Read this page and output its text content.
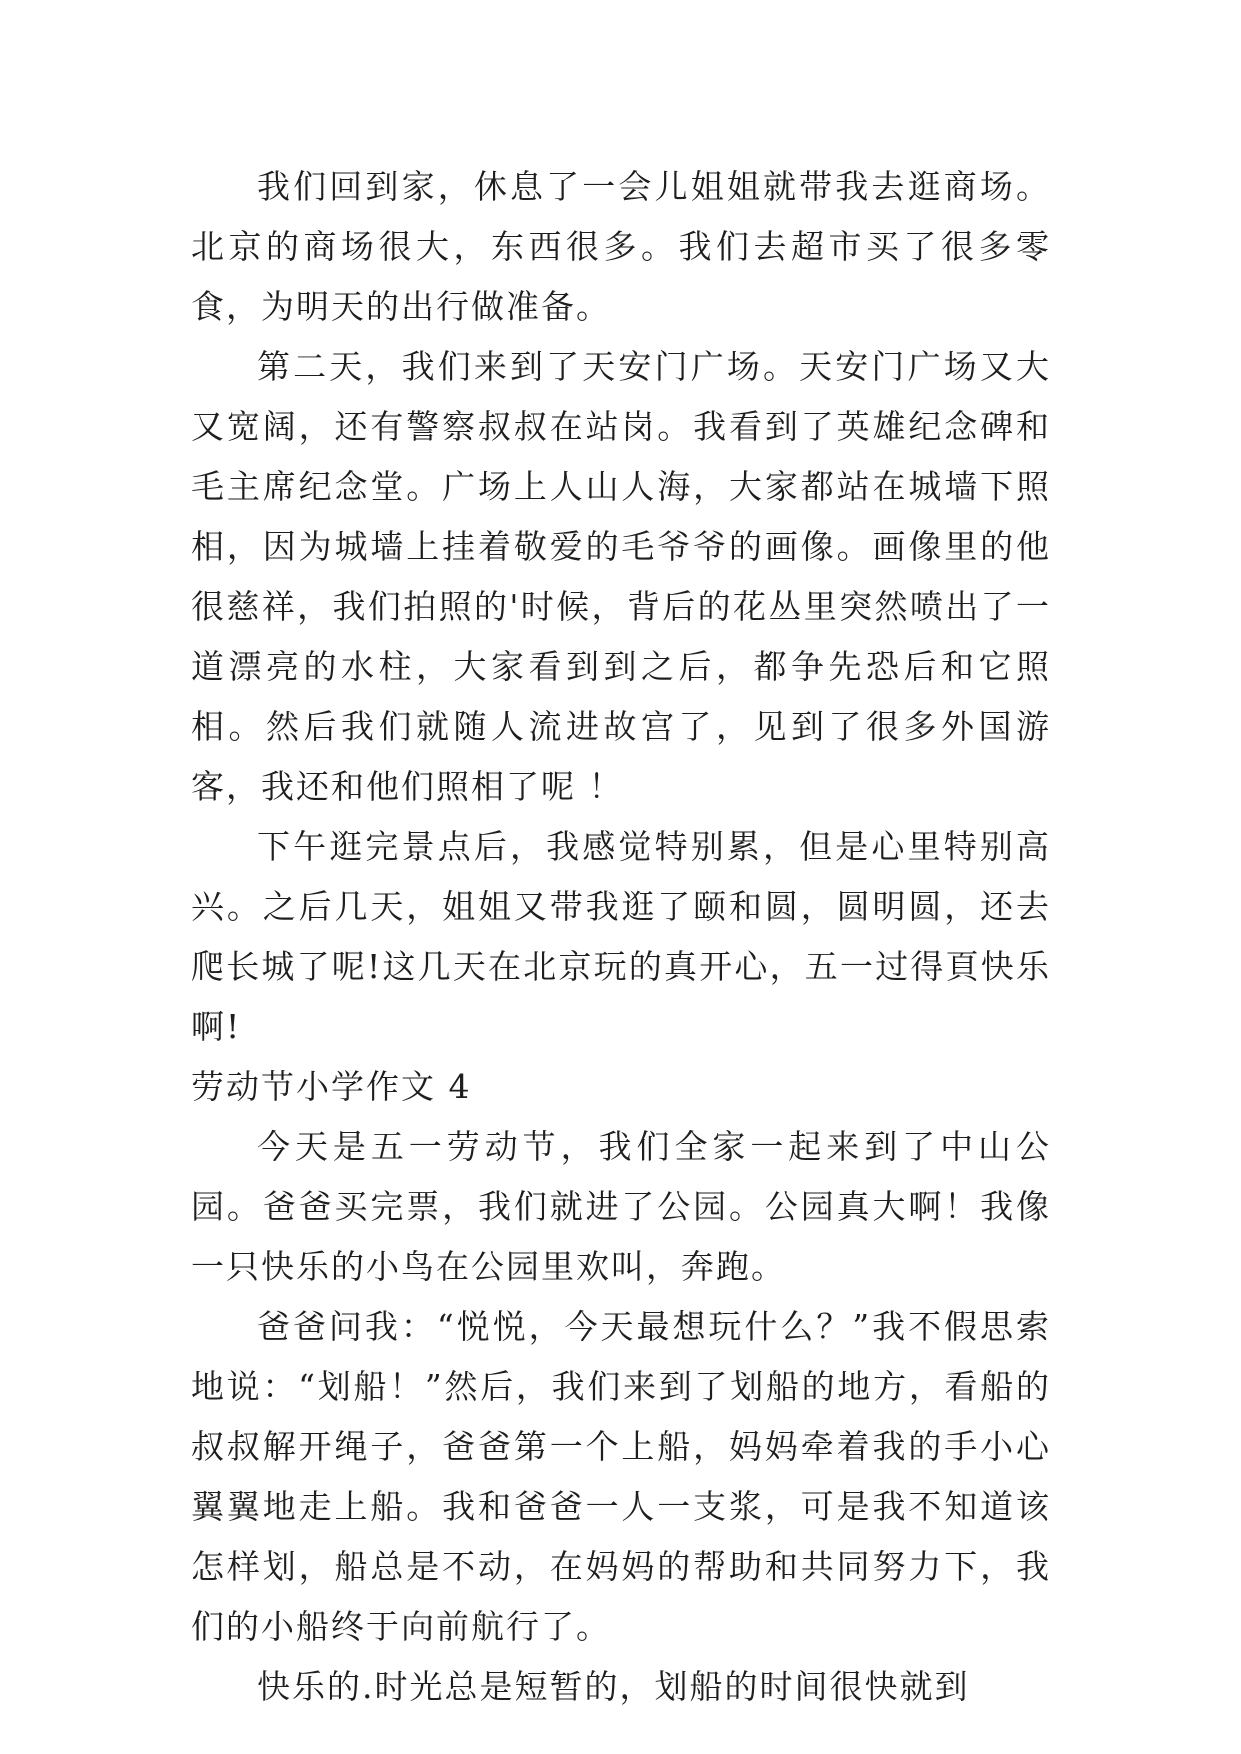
我们回到家，休息了一会儿姐姐就带我去逛商场。北京的商场很大，东西很多。我们去超市买了很多零食，为明天的出行做准备。

第二天，我们来到了天安门广场。天安门广场又大又宽阔，还有警察叔叔在站岗。我看到了英雄纪念碑和毛主席纪念堂。广场上人山人海，大家都站在城墙下照相，因为城墙上挂着敬爱的毛爷爷的画像。画像里的他很慈祥，我们拍照的'时候，背后的花丛里突然喷出了一道漂亮的水柱，大家看到到之后，都争先恐后和它照相。然后我们就随人流进故宫了，见到了很多外国游客，我还和他们照相了呢 ！

下午逛完景点后，我感觉特别累，但是心里特别高兴。之后几天，姐姐又带我逛了颐和圆，圆明圆，还去爬长城了呢!这几天在北京玩的真开心，五一过得頁快乐啊!

劳动节小学作文 4

今天是五一劳动节，我们全家一起来到了中山公园。爸爸买完票，我们就进了公园。公园真大啊！我像一只快乐的小鸟在公园里欢叫，奔跑。

爸爸问我：“悦悦，今天最想玩什么？”我不假思索地说：“划船！”然后，我们来到了划船的地方，看船的叔叔解开绳子，爸爸第一个上船，妈妈牵着我的手小心翼翼地走上船。我和爸爸一人一支浆，可是我不知道该怎样划，船总是不动，在妈妈的帮助和共同努力下，我们的小船终于向前航行了。

快乐的.时光总是短暂的，划船的时间很快就到
